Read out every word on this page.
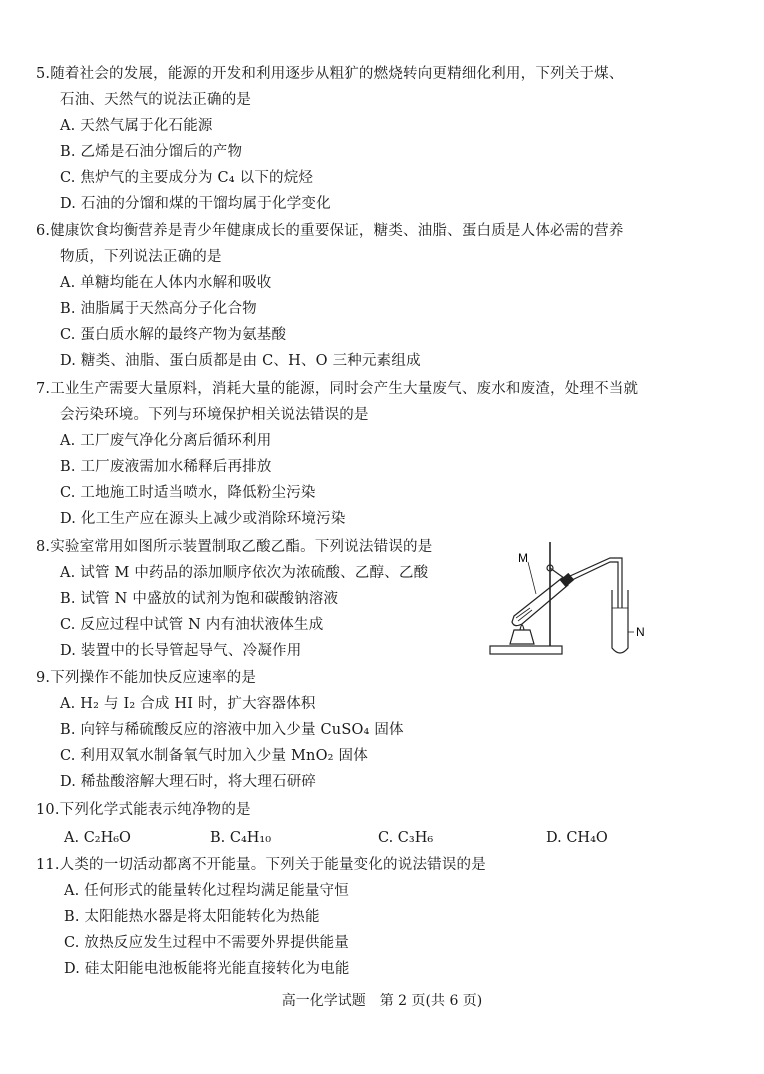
5.随着社会的发展，能源的开发和利用逐步从粗犷的燃烧转向更精细化利用，下列关于煤、
石油、天然气的说法正确的是
A. 天然气属于化石能源
B. 乙烯是石油分馏后的产物
C. 焦炉气的主要成分为 C₄ 以下的烷烃
D. 石油的分馏和煤的干馏均属于化学变化
6.健康饮食均衡营养是青少年健康成长的重要保证，糖类、油脂、蛋白质是人体必需的营养
物质，下列说法正确的是
A. 单糖均能在人体内水解和吸收
B. 油脂属于天然高分子化合物
C. 蛋白质水解的最终产物为氨基酸
D. 糖类、油脂、蛋白质都是由 C、H、O 三种元素组成
7.工业生产需要大量原料，消耗大量的能源，同时会产生大量废气、废水和废渣，处理不当就
会污染环境。下列与环境保护相关说法错误的是
A. 工厂废气净化分离后循环利用
B. 工厂废液需加水稀释后再排放
C. 工地施工时适当喷水，降低粉尘污染
D. 化工生产应在源头上减少或消除环境污染
8.实验室常用如图所示装置制取乙酸乙酯。下列说法错误的是
A. 试管 M 中药品的添加顺序依次为浓硫酸、乙醇、乙酸
B. 试管 N 中盛放的试剂为饱和碳酸钠溶液
C. 反应过程中试管 N 内有油状液体生成
D. 装置中的长导管起导气、冷凝作用
M
N
9.下列操作不能加快反应速率的是
A. H₂ 与 I₂ 合成 HI 时，扩大容器体积
B. 向锌与稀硫酸反应的溶液中加入少量 CuSO₄ 固体
C. 利用双氧水制备氧气时加入少量 MnO₂ 固体
D. 稀盐酸溶解大理石时，将大理石研碎
10.下列化学式能表示纯净物的是
A. C₂H₆O	B. C₄H₁₀	C. C₃H₆	D. CH₄O
11.人类的一切活动都离不开能量。下列关于能量变化的说法错误的是
A. 任何形式的能量转化过程均满足能量守恒
B. 太阳能热水器是将太阳能转化为热能
C. 放热反应发生过程中不需要外界提供能量
D. 硅太阳能电池板能将光能直接转化为电能
高一化学试题　第 2 页(共 6 页)
